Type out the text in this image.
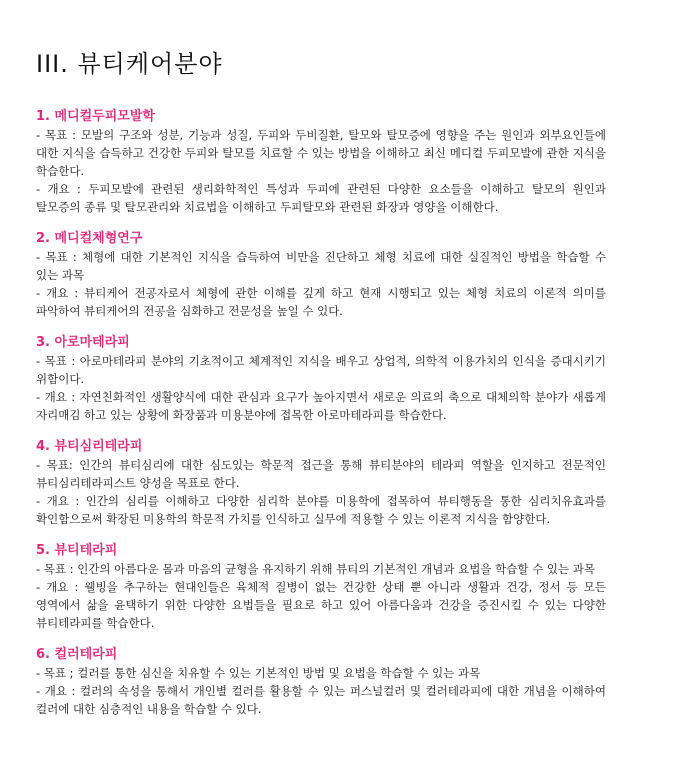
III. 뷰티케어분야

1. 메디컬두피모발학

- 목표 : 모발의 구조와 성분, 기능과 성질, 두피와 두비질환, 탈모와 탈모증에 영향을 주는 원인과 외부요인들에 대한 지식을 습득하고 건강한 두피와 탈모를 치료할 수 있는 방법을 이해하고 최신 메디컬 두피모발에 관한 지식을 학습한다.

- 개요 : 두피모발에 관련된 생리화학적인 특성과 두피에 관련된 다양한 요소들을 이해하고 탈모의 원인과 탈모증의 종류 및 탈모관리와 치료법을 이해하고 두피탈모와 관련된 화장과 영양을 이해한다.

2. 메디컬체형연구

- 목표 : 체형에 대한 기본적인 지식을 습득하여 비만을 진단하고 체형 치료에 대한 실질적인 방법을 학습할 수 있는 과목

- 개요 : 뷰티케어 전공자로서 체형에 관한 이해를 깊게 하고 현재 시행되고 있는 체형 치료의 이론적 의미를 파악하여 뷰티케어의 전공을 심화하고 전문성을 높일 수 있다.

3. 아로마테라피

- 목표 : 아로마테라피 분야의 기초적이고 체계적인 지식을 배우고 상업적, 의학적 이용가치의 인식을 증대시키기 위함이다.

- 개요 : 자연친화적인 생활양식에 대한 관심과 요구가 높아지면서 새로운 의료의 축으로 대체의학 분야가 새롭게 자리매김 하고 있는 상황에 화장품과 미용분야에 접목한 아로마테라피를 학습한다.

4. 뷰티심리테라피

- 목표: 인간의 뷰티심리에 대한 심도있는 학문적 접근을 통해 뷰티분야의 테라피 역할을 인지하고 전문적인 뷰티심리테라피스트 양성을 목표로 한다.

- 개요 : 인간의 심리를 이해하고 다양한 심리학 분야를 미용학에 접목하여 뷰티행동을 통한 심리치유효과를 확인함으로써 확장된 미용학의 학문적 가치를 인식하고 실무에 적용할 수 있는 이론적 지식을 함양한다.

5. 뷰티테라피

- 목표 : 인간의 아름다운 몸과 마음의 균형을 유지하기 위해 뷰티의 기본적인 개념과 요법을 학습할 수 있는 과목

- 개요 : 웰빙을 추구하는 현대인들은 육체적 질병이 없는 건강한 상태 뿐 아니라 생활과 건강, 정서 등 모든 영역에서 삶을 윤택하기 위한 다양한 요법들을 필요로 하고 있어 아름다움과 건강을 증진시킬 수 있는 다양한 뷰티테라피를 학습한다.

6. 컬러테라피

- 목표 ; 컬러를 통한 심신을 치유할 수 있는 기본적인 방법 및 요법을 학습할 수 있는 과목

- 개요 : 컬러의 속성을 통해서 개인별 컬러를 활용할 수 있는 퍼스널컬러 및 컬러테라피에 대한 개념을 이해하여 컬러에 대한 심층적인 내용을 학습할 수 있다.
